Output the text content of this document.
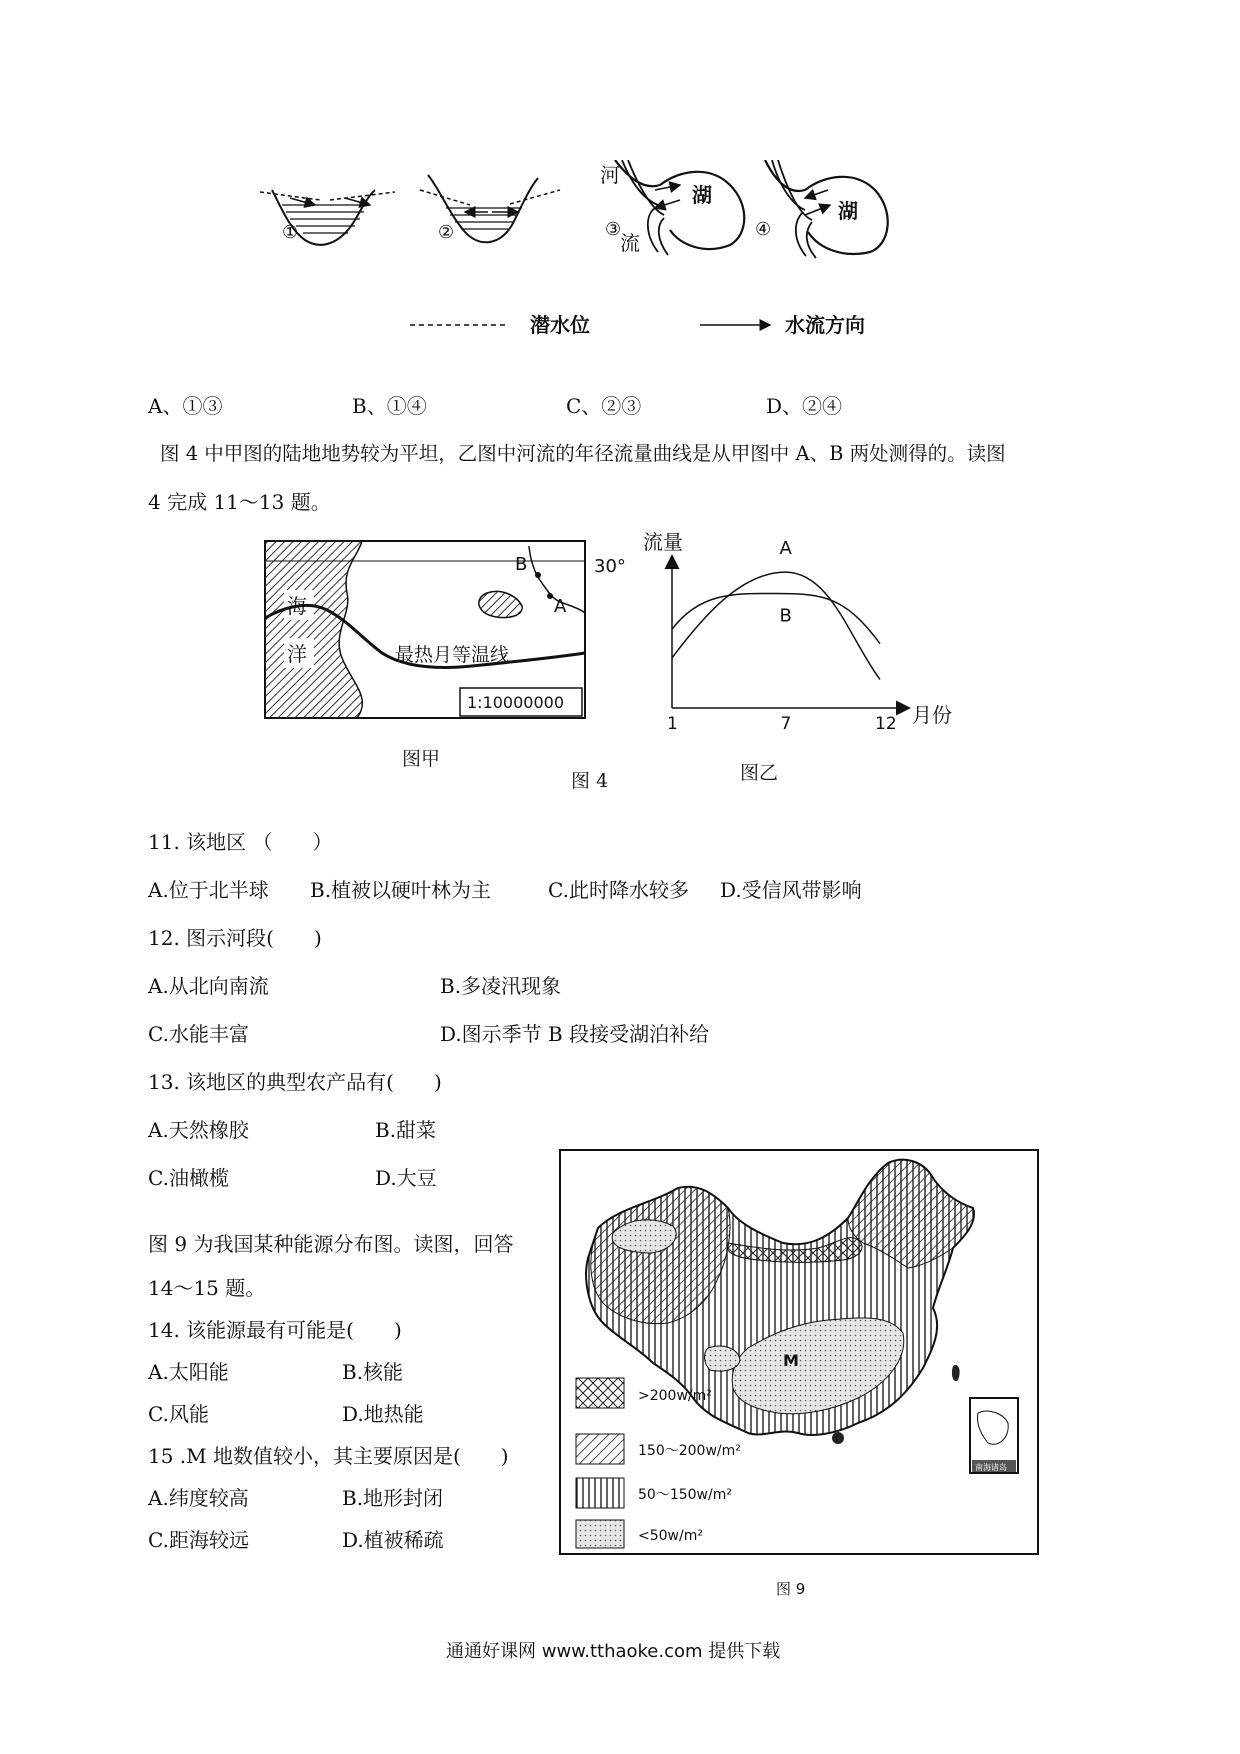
①	②
河
③
流
湖
④
湖
潜水位	水流方向
A、①③	B、①④	C、②③	D、②④
图 4 中甲图的陆地地势较为平坦，乙图中河流的年径流量曲线是从甲图中 A、B 两处测得的。读图
4 完成 11～13 题。
海
洋
B
A
最热月等温线
1:10000000
30°
图甲
流量
月份
A
B
1	7	12
图乙
图 4
11. 该地区 （　　）
A.位于北半球 B.植被以硬叶林为主	C.此时降水较多 D.受信风带影响
12. 图示河段(　　)
A.从北向南流	B.多凌汛现象
C.水能丰富	D.图示季节 B 段接受湖泊补给
13. 该地区的典型农产品有(　　)
A.天然橡胶	B.甜菜
C.油橄榄	D.大豆
图 9 为我国某种能源分布图。读图，回答
14～15 题。
14. 该能源最有可能是(　　)
A.太阳能	B.核能
C.风能	D.地热能
15 .M 地数值较小，其主要原因是(　　)
A.纬度较高	B.地形封闭
C.距海较远	D.植被稀疏
M
南海诸岛
>200w/m²
150～200w/m²
50～150w/m²
<50w/m²
图 9
通通好课网 www.tthaoke.com 提供下载
